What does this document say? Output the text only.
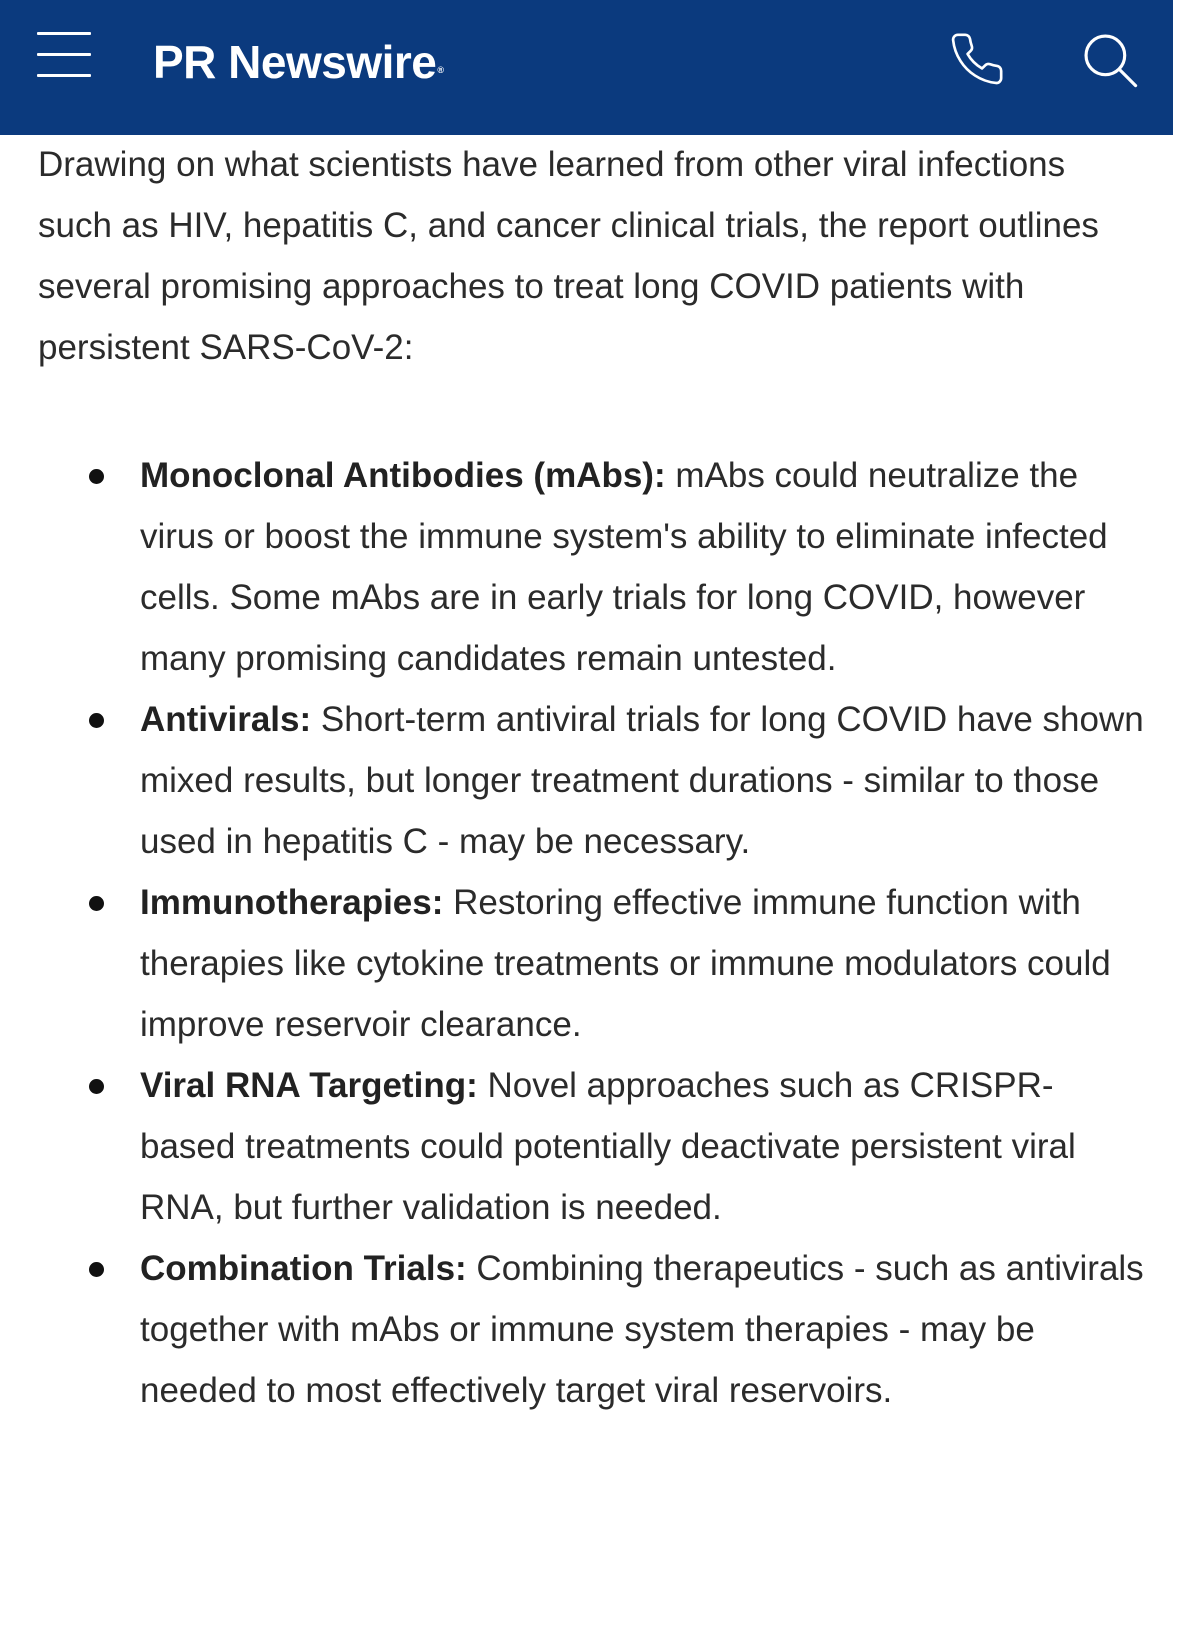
PR Newswire®

Drawing on what scientists have learned from other viral infections such as HIV, hepatitis C, and cancer clinical trials, the report outlines several promising approaches to treat long COVID patients with persistent SARS-CoV-2:

Monoclonal Antibodies (mAbs): mAbs could neutralize the virus or boost the immune system's ability to eliminate infected cells. Some mAbs are in early trials for long COVID, however many promising candidates remain untested.
Antivirals: Short-term antiviral trials for long COVID have shown mixed results, but longer treatment durations - similar to those used in hepatitis C - may be necessary.
Immunotherapies: Restoring effective immune function with therapies like cytokine treatments or immune modulators could improve reservoir clearance.
Viral RNA Targeting: Novel approaches such as CRISPR-based treatments could potentially deactivate persistent viral RNA, but further validation is needed.
Combination Trials: Combining therapeutics - such as antivirals together with mAbs or immune system therapies - may be needed to most effectively target viral reservoirs.
